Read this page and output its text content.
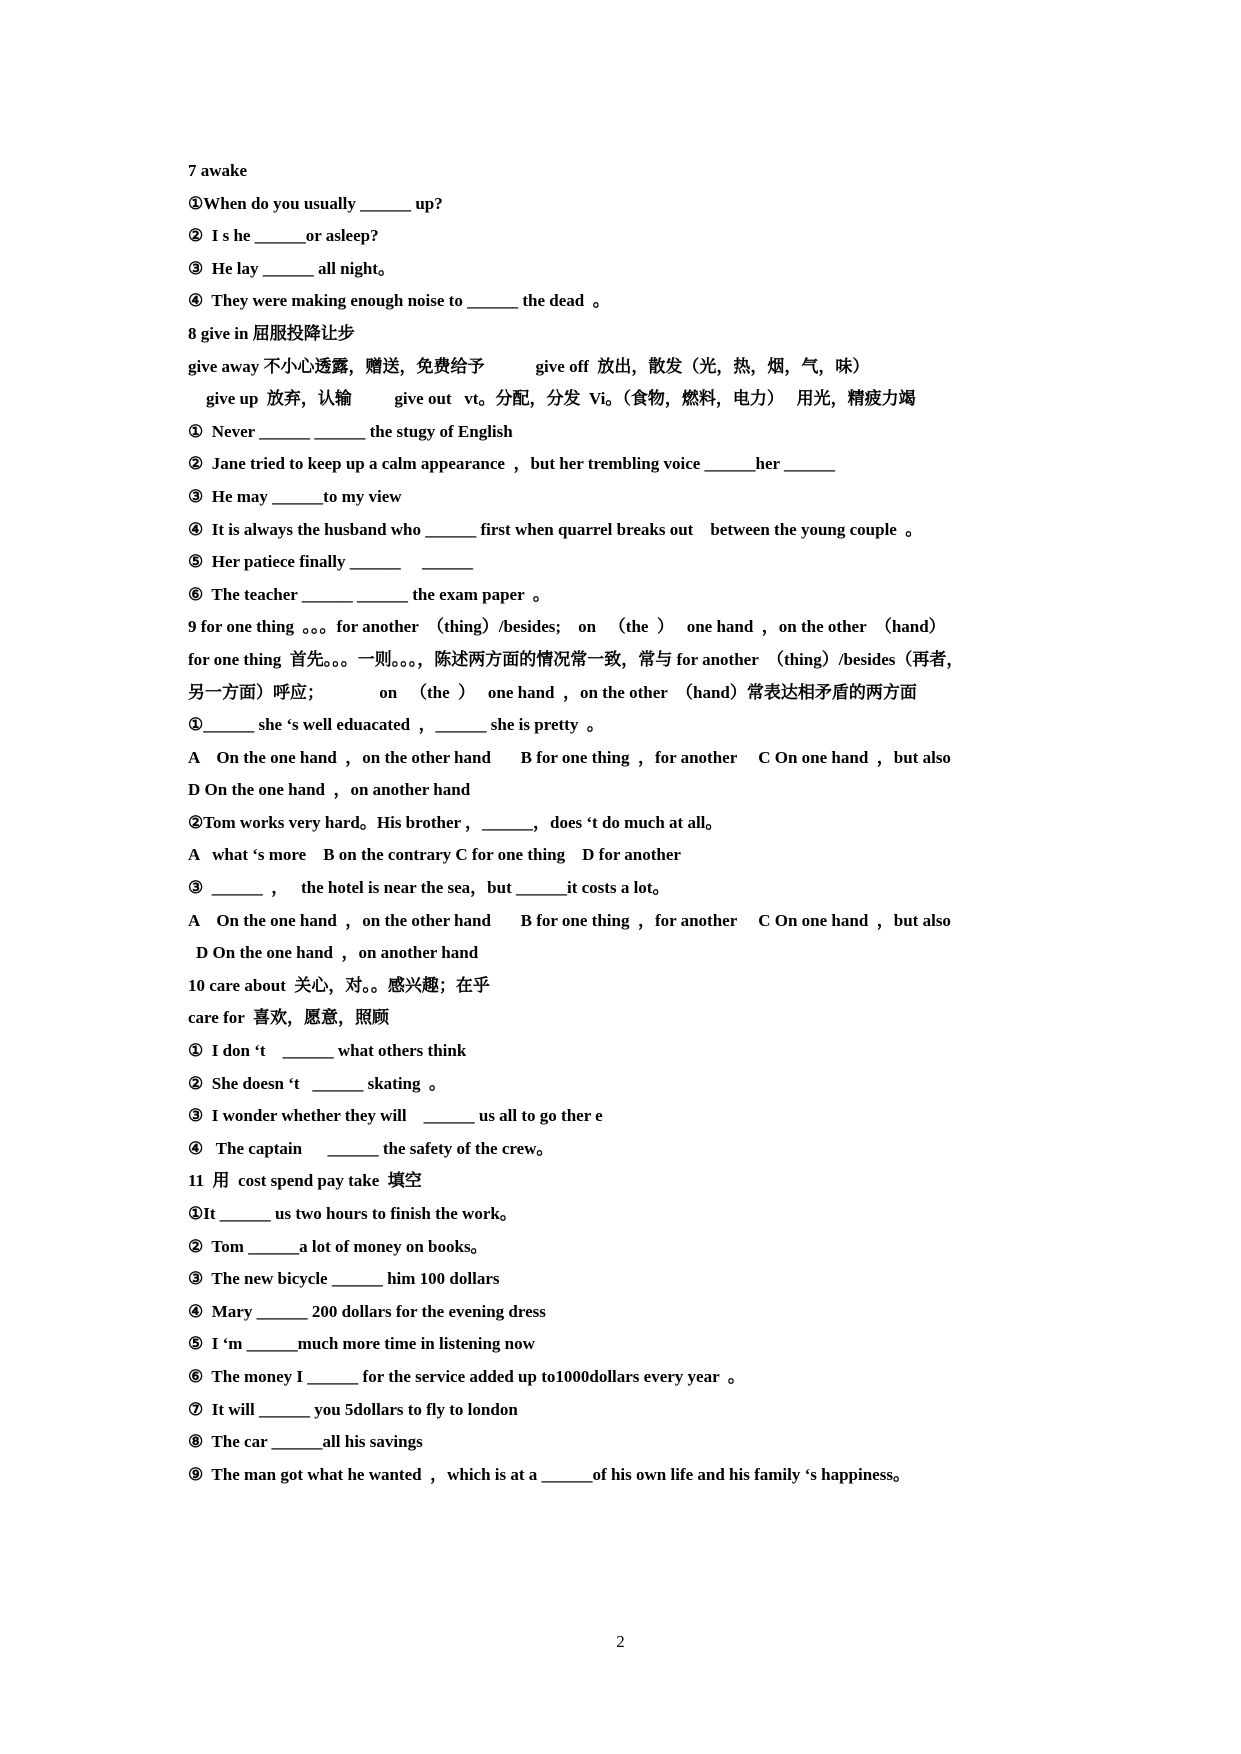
7 awake
①When do you usually ______ up?
②  I s he ______or asleep?
③  He lay ______ all night。
④  They were making enough noise to ______ the dead  。
8 give in 屈服投降让步
give away 不小心透露，赠送，免费给予            give off  放出，散发（光，热，烟，气，味）
give up  放弃，认输          give out   vt。分配，分发  Vi。（食物，燃料，电力）   用光，精疲力竭
①  Never ______ ______ the stugy of English
②  Jane tried to keep up a calm appearance  ，but her trembling voice ______her ______
③  He may ______to my view
④  It is always the husband who ______ first when quarrel breaks out    between the young couple  。
⑤  Her patiece finally ______     ______
⑥  The teacher ______ ______ the exam paper  。
9 for one thing  。。。for another  （thing）/besides;    on   （the  ）   one hand  ，on the other  （hand）
for one thing  首先。。。一则。。。，陈述两方面的情况常一致，常与 for another  （thing）/besides（再者，
另一方面）呼应；             on   （the  ）   one hand  ，on the other  （hand）常表达相矛盾的两方面
①______ she ‘s well eduacated  ，______ she is pretty  。
A    On the one hand  ，on the other hand       B for one thing  ，for another     C On one hand  ，but also
D On the one hand  ，on another hand
②Tom works very hard。His brother ，______，does ‘t do much at all。
A   what ‘s more    B on the contrary C for one thing    D for another
③  ______  ，   the hotel is near the sea，but ______it costs a lot。
A    On the one hand  ，on the other hand       B for one thing  ，for another     C On one hand  ，but also
D On the one hand  ，on another hand
10 care about  关心，对。。感兴趣；在乎
care for  喜欢，愿意，照顾
①  I don ‘t    ______ what others think
②  She doesn ‘t   ______ skating  。
③  I wonder whether they will    ______ us all to go ther e
④   The captain      ______ the safety of the crew。
11  用  cost spend pay take  填空
①It ______ us two hours to finish the work。
②  Tom ______a lot of money on books。
③  The new bicycle ______ him 100 dollars
④  Mary ______ 200 dollars for the evening dress
⑤  I ‘m ______much more time in listening now
⑥  The money I ______ for the service added up to1000dollars every year  。
⑦  It will ______ you 5dollars to fly to london
⑧  The car ______all his savings
⑨  The man got what he wanted  ，which is at a ______of his own life and his family ‘s happiness。
2
